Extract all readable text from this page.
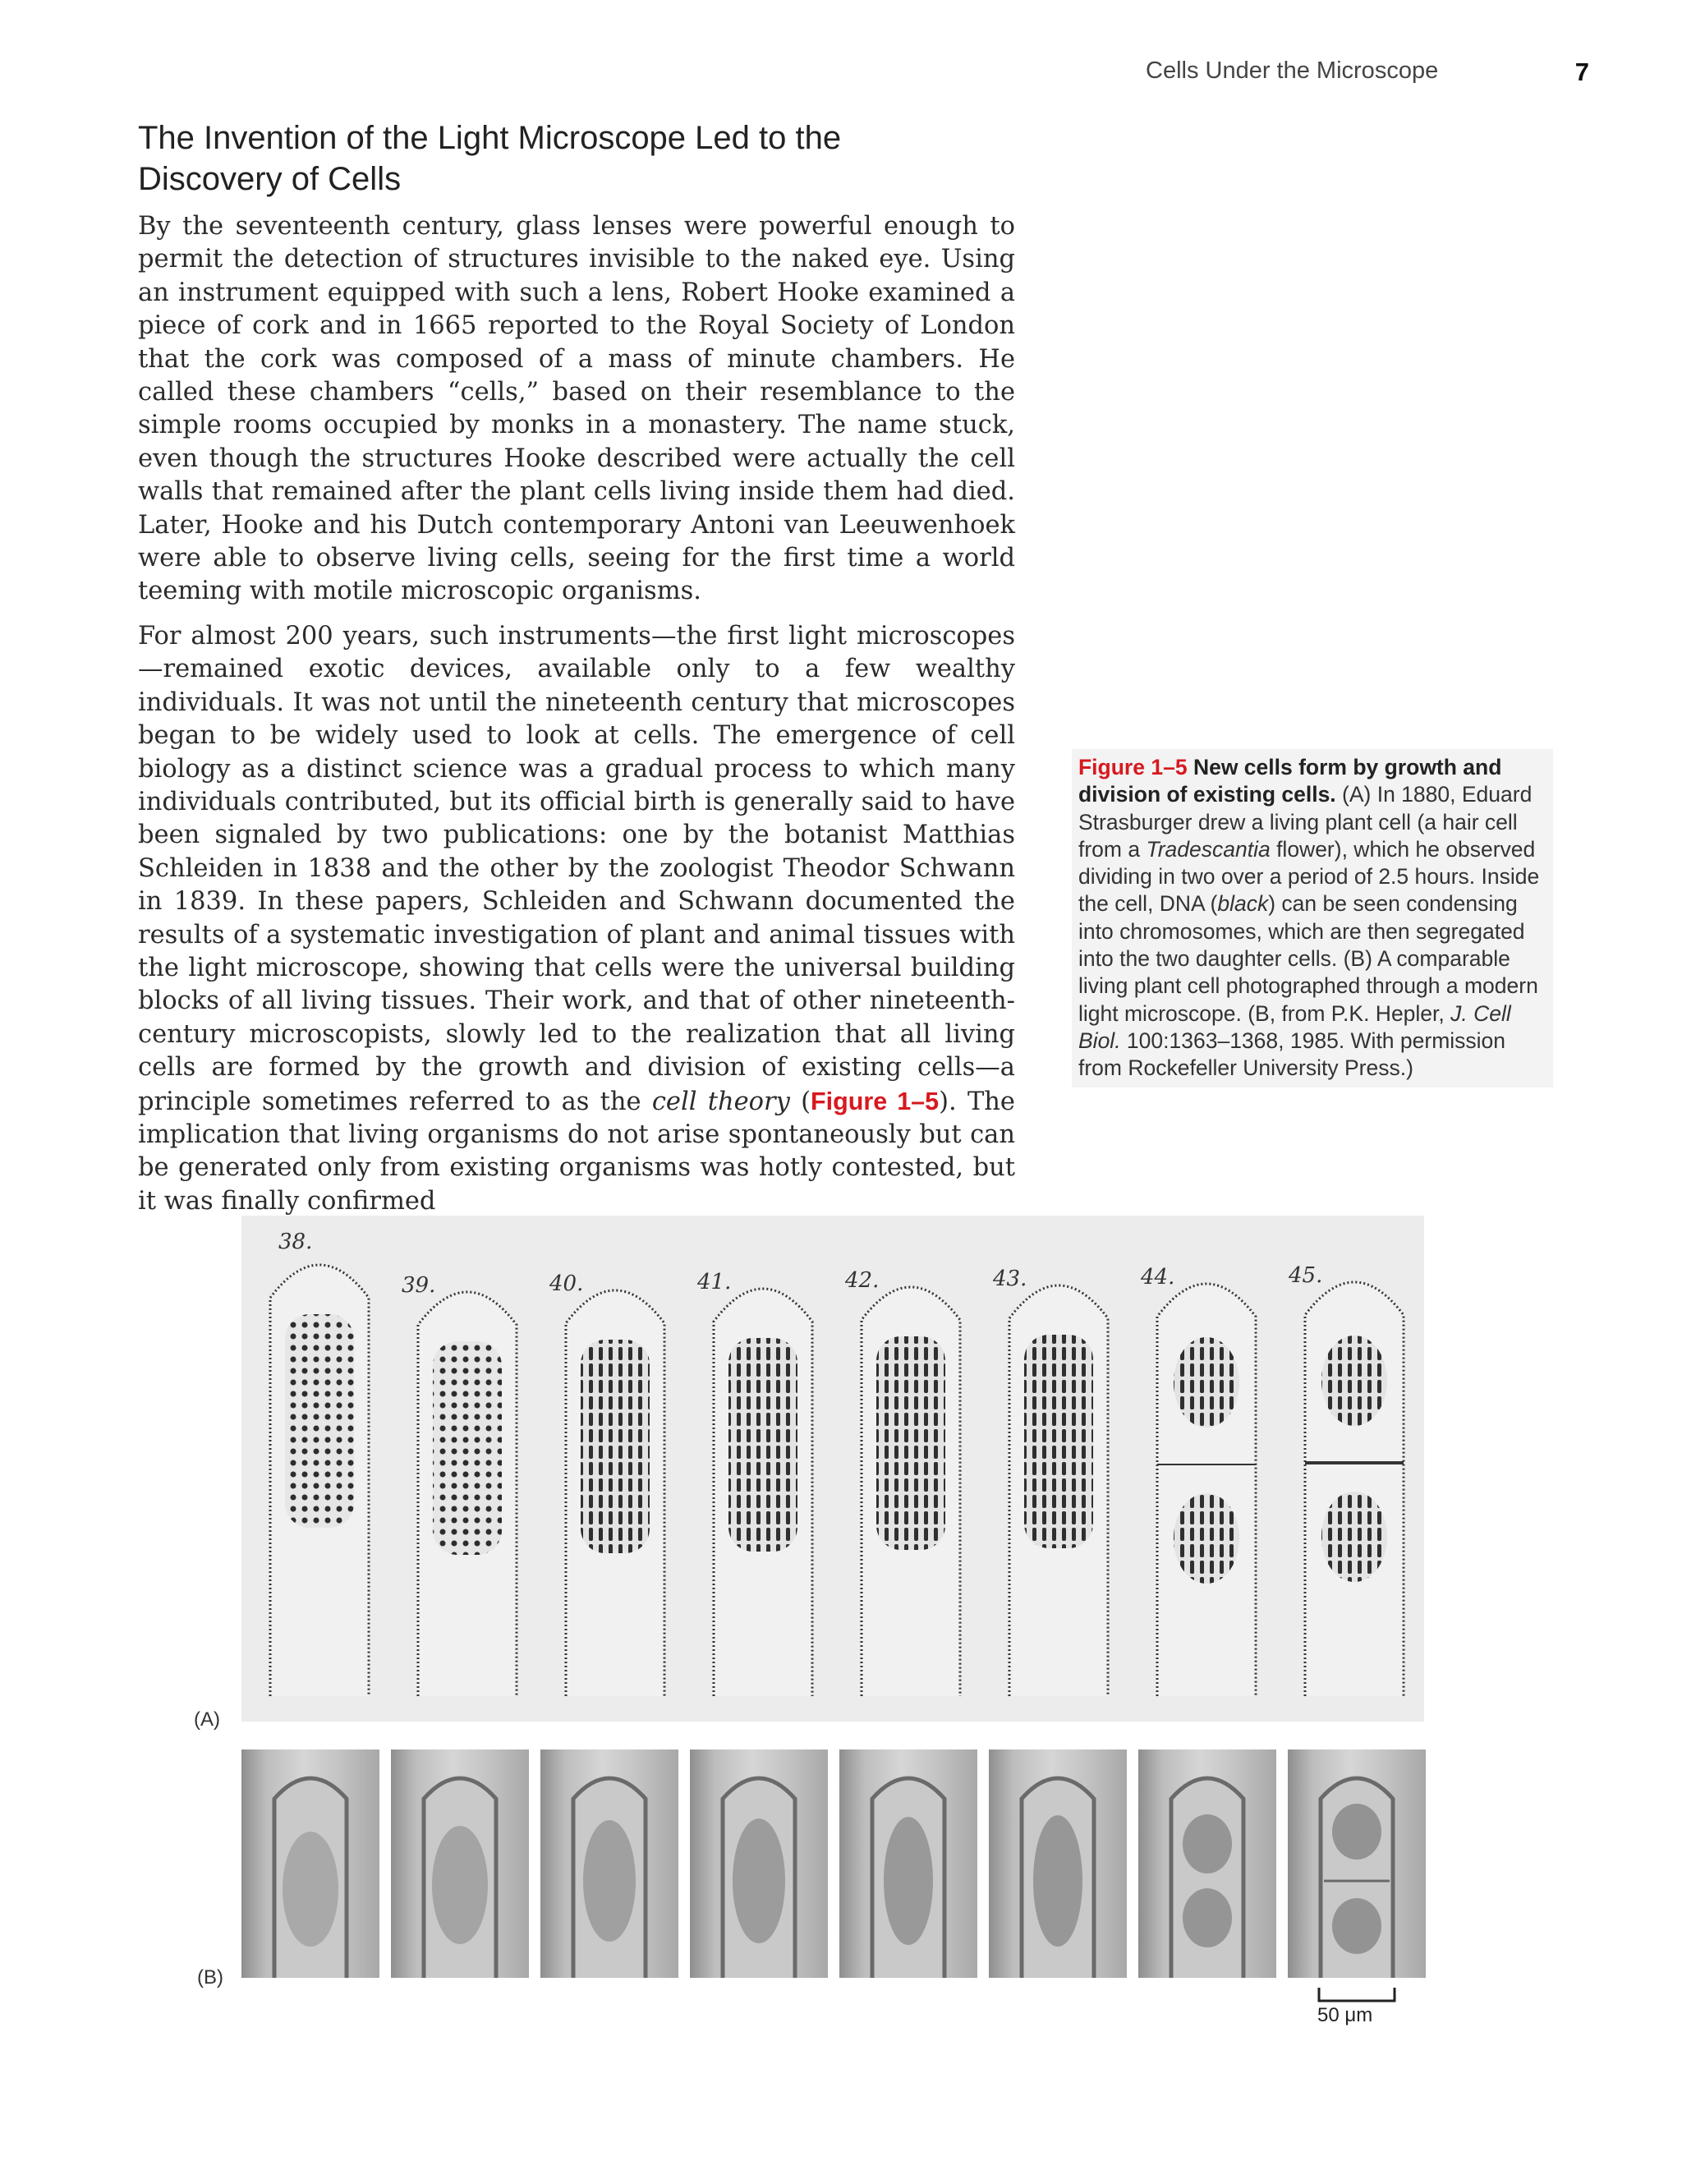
Cells Under the Microscope	7
The Invention of the Light Microscope Led to the
Discovery of Cells

By the seventeenth century, glass lenses were powerful enough to permit the detection of structures invisible to the naked eye. Using an instrument equipped with such a lens, Robert Hooke examined a piece of cork and in 1665 reported to the Royal Society of London that the cork was composed of a mass of minute chambers. He called these chambers “cells,” based on their resemblance to the simple rooms occupied by monks in a monastery. The name stuck, even though the structures Hooke described were actually the cell walls that remained after the plant cells living inside them had died. Later, Hooke and his Dutch contemporary Antoni van Leeuwenhoek were able to observe living cells, seeing for the first time a world teeming with motile microscopic organisms.

For almost 200 years, such instruments—the first light microscopes—remained exotic devices, available only to a few wealthy individuals. It was not until the nineteenth century that microscopes began to be widely used to look at cells. The emergence of cell biology as a distinct science was a gradual process to which many individuals contributed, but its official birth is generally said to have been signaled by two publications: one by the botanist Matthias Schleiden in 1838 and the other by the zoologist Theodor Schwann in 1839. In these papers, Schleiden and Schwann documented the results of a systematic investigation of plant and animal tissues with the light microscope, showing that cells were the universal building blocks of all living tissues. Their work, and that of other nineteenth-century microscopists, slowly led to the realization that all living cells are formed by the growth and division of existing cells—a principle sometimes referred to as the cell theory (Figure 1–5). The implication that living organisms do not arise spontaneously but can be generated only from existing organisms was hotly contested, but it was finally confirmed

Figure 1–5 New cells form by growth and division of existing cells. (A) In 1880, Eduard Strasburger drew a living plant cell (a hair cell from a Tradescantia flower), which he observed dividing in two over a period of 2.5 hours. Inside the cell, DNA (black) can be seen condensing into chromosomes, which are then segregated into the two daughter cells. (B) A comparable living plant cell photographed through a modern light microscope. (B, from P.K. Hepler, J. Cell Biol. 100:1363–1368, 1985. With permission from Rockefeller University Press.)
38.
39.	40.	41.	42.	43.	44.	45.
(A)
(B)
50 μm
